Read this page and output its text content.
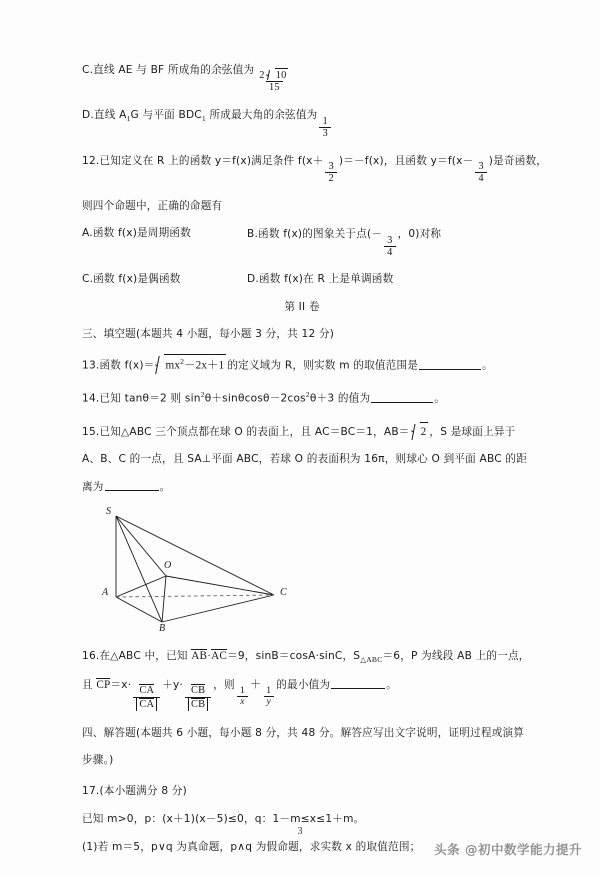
C.直线 AE 与 BF 所成角的余弦值为 $\frac{2 10}{15}$
D.直线 $A_1G$ 与平面 $BDC_1$ 所成最大角的余弦值为
$\frac{1}{3}$
12.已知定义在 R 上的函数 y＝f(x)满足条件 f(x＋
$\frac{3}{2}$
)＝－f(x)，且函数 y＝f(x－
$\frac{3}{4}$
)是奇函数，
则四个命题中，正确的命题有
A.函数 f(x)是周期函数	B.函数 f(x)的图象关于点(－
$\frac{3}{4}$
，0)对称
C.函数 f(x)是偶函数	D.函数 f(x)在 R 上是单调函数
第 II 卷
三、填空题(本题共 4 小题，每小题 3 分，共 12 分)
13.函数 $f(x)= mx^2-2x+1$ 的定义域为 R，则实数 m 的取值范围是	。
14.已知 tanθ＝2 则 $\sin^2\theta+\sin\theta\cos\theta-2\cos^2\theta+3$ 的值为	。
15.已知△ABC 三个顶点都在球 O 的表面上，且 AC＝BC＝1，AB＝ 2 ，S 是球面上异于
A、B、C 的一点，且 SA⊥平面 ABC，若球 O 的表面积为 16π，则球心 O 到平面 ABC 的距
离为	。
S
O
A	C
B
16.在△ABC 中，已知 AB·AC＝9，sinB＝cosA·sinC，$S_{\triangle ABC}=6$，P 为线段 AB 上的一点，
且 $CP=x\cdot \frac{CA}{CA} +y\cdot \frac{CB}{CB}$ ，则
$\frac{1}{x}$
＋
$\frac{1}{y}$
的最小值为	。
四、解答题(本题共 6 小题，每小题 8 分，共 48 分。解答应写出文字说明，证明过程或演算
步骤。)
17.(本小题满分 8 分)
已知 m>0，p：(x＋1)(x－5)≤0，q：1－m≤x≤1＋m。
(1)若 m＝5，p∨q 为真命题，p∧q 为假命题，求实数 x 的取值范围；
3
头条 @初中数学能力提升
